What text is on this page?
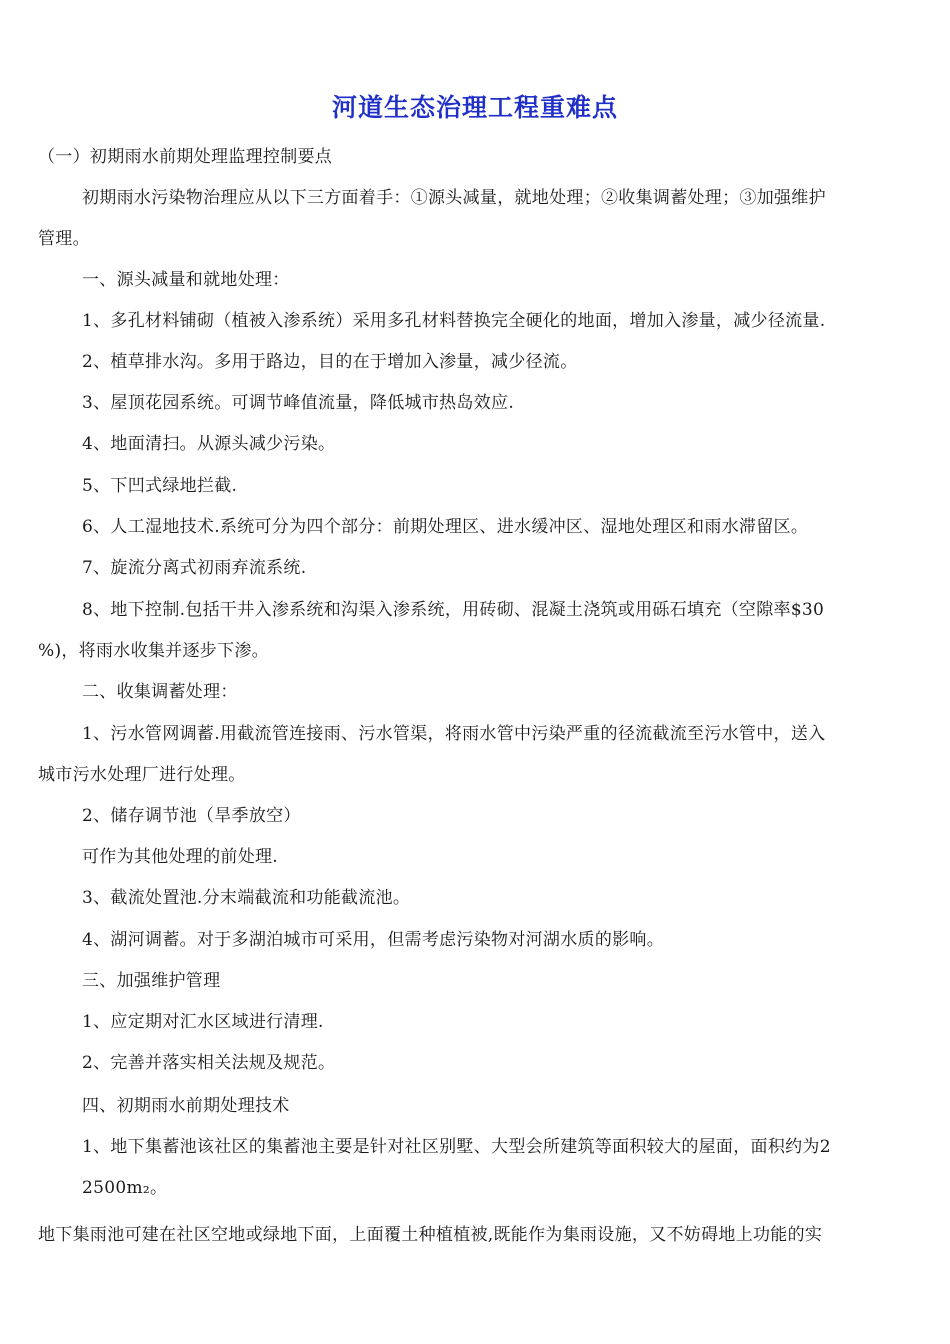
河道生态治理工程重难点
（一）初期雨水前期处理监理控制要点
初期雨水污染物治理应从以下三方面着手：①源头减量，就地处理；②收集调蓄处理；③加强维护
管理。
一、源头减量和就地处理：
1、多孔材料铺砌（植被入渗系统）采用多孔材料替换完全硬化的地面，增加入渗量，减少径流量.
2、植草排水沟。多用于路边，目的在于增加入渗量，减少径流。
3、屋顶花园系统。可调节峰值流量，降低城市热岛效应.
4、地面清扫。从源头减少污染。
5、下凹式绿地拦截.
6、人工湿地技术.系统可分为四个部分：前期处理区、进水缓冲区、湿地处理区和雨水滞留区。
7、旋流分离式初雨弃流系统.
8、地下控制.包括干井入渗系统和沟渠入渗系统，用砖砌、混凝土浇筑或用砾石填充（空隙率$30
%)，将雨水收集并逐步下渗。
二、收集调蓄处理：
1、污水管网调蓄.用截流管连接雨、污水管渠，将雨水管中污染严重的径流截流至污水管中，送入
城市污水处理厂进行处理。
2、储存调节池（旱季放空）
可作为其他处理的前处理.
3、截流处置池.分末端截流和功能截流池。
4、湖河调蓄。对于多湖泊城市可采用，但需考虑污染物对河湖水质的影响。
三、加强维护管理
1、应定期对汇水区域进行清理.
2、完善并落实相关法规及规范。
四、初期雨水前期处理技术
1、地下集蓄池该社区的集蓄池主要是针对社区别墅、大型会所建筑等面积较大的屋面，面积约为2
2500m₂。
地下集雨池可建在社区空地或绿地下面，上面覆土种植植被,既能作为集雨设施，又不妨碍地上功能的实
